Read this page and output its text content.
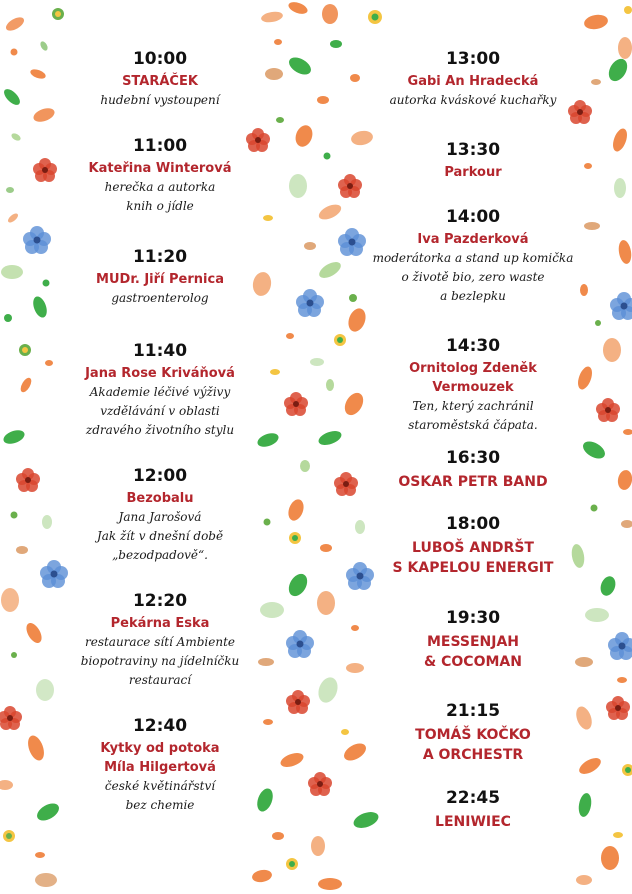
10:00
STARÁČEK
hudební vystoupení
11:00
Kateřina Winterová
herečka a autorka
knih o jídle
11:20
MUDr. Jiří Pernica
gastroenterolog
11:40
Jana Rose Kriváňová
Akademie léčivé výživy
vzdělávání v oblasti
zdravého životního stylu
12:00
Bezobalu
Jana Jarošová
Jak žít v dnešní době
„bezodpadově“.
12:20
Pekárna Eska
restaurace sítí Ambiente
biopotraviny na jídelníčku
restaurací
12:40
Kytky od potoka
Míla Hilgertová
české květinářství
bez chemie
13:00
Gabi An Hradecká
autorka kváskové kuchařky
13:30
Parkour
14:00
Iva Pazderková
moderátorka a stand up komička
o životě bio, zero waste
a bezlepku
14:30
Ornitolog Zdeněk Vermouzek
Ten, který zachránil
staroměstská čápata.
16:30
OSKAR PETR BAND
18:00
LUBOŠ ANDRŠT
S KAPELOU ENERGIT
19:30
MESSENJAH
& COCOMAN
21:15
TOMÁŠ KOČKO
A ORCHESTR
22:45
LENIWIEC
